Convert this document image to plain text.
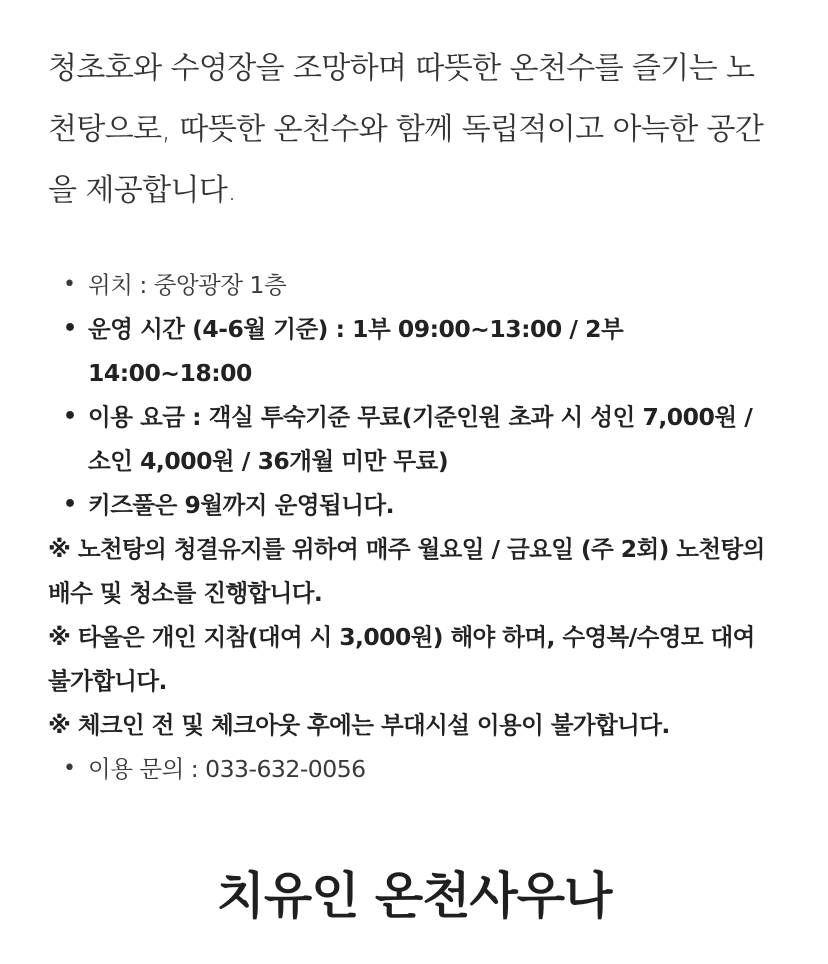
청초호와 수영장을 조망하며 따뜻한 온천수를 즐기는 노천탕으로, 따뜻한 온천수와 함께 독립적이고 아늑한 공간을 제공합니다.

• 위치 : 중앙광장 1층
• 운영 시간 (4-6월 기준) : 1부 09:00~13:00 / 2부 14:00~18:00
• 이용 요금 : 객실 투숙기준 무료(기준인원 초과 시 성인 7,000원 / 소인 4,000원 / 36개월 미만 무료)
• 키즈풀은 9월까지 운영됩니다.
※ 노천탕의 청결유지를 위하여 매주 월요일 / 금요일 (주 2회) 노천탕의 배수 및 청소를 진행합니다.
※ 타올은 개인 지참(대여 시 3,000원) 해야 하며, 수영복/수영모 대여 불가합니다.
※ 체크인 전 및 체크아웃 후에는 부대시설 이용이 불가합니다.
• 이용 문의 : 033-632-0056
치유인 온천사우나
